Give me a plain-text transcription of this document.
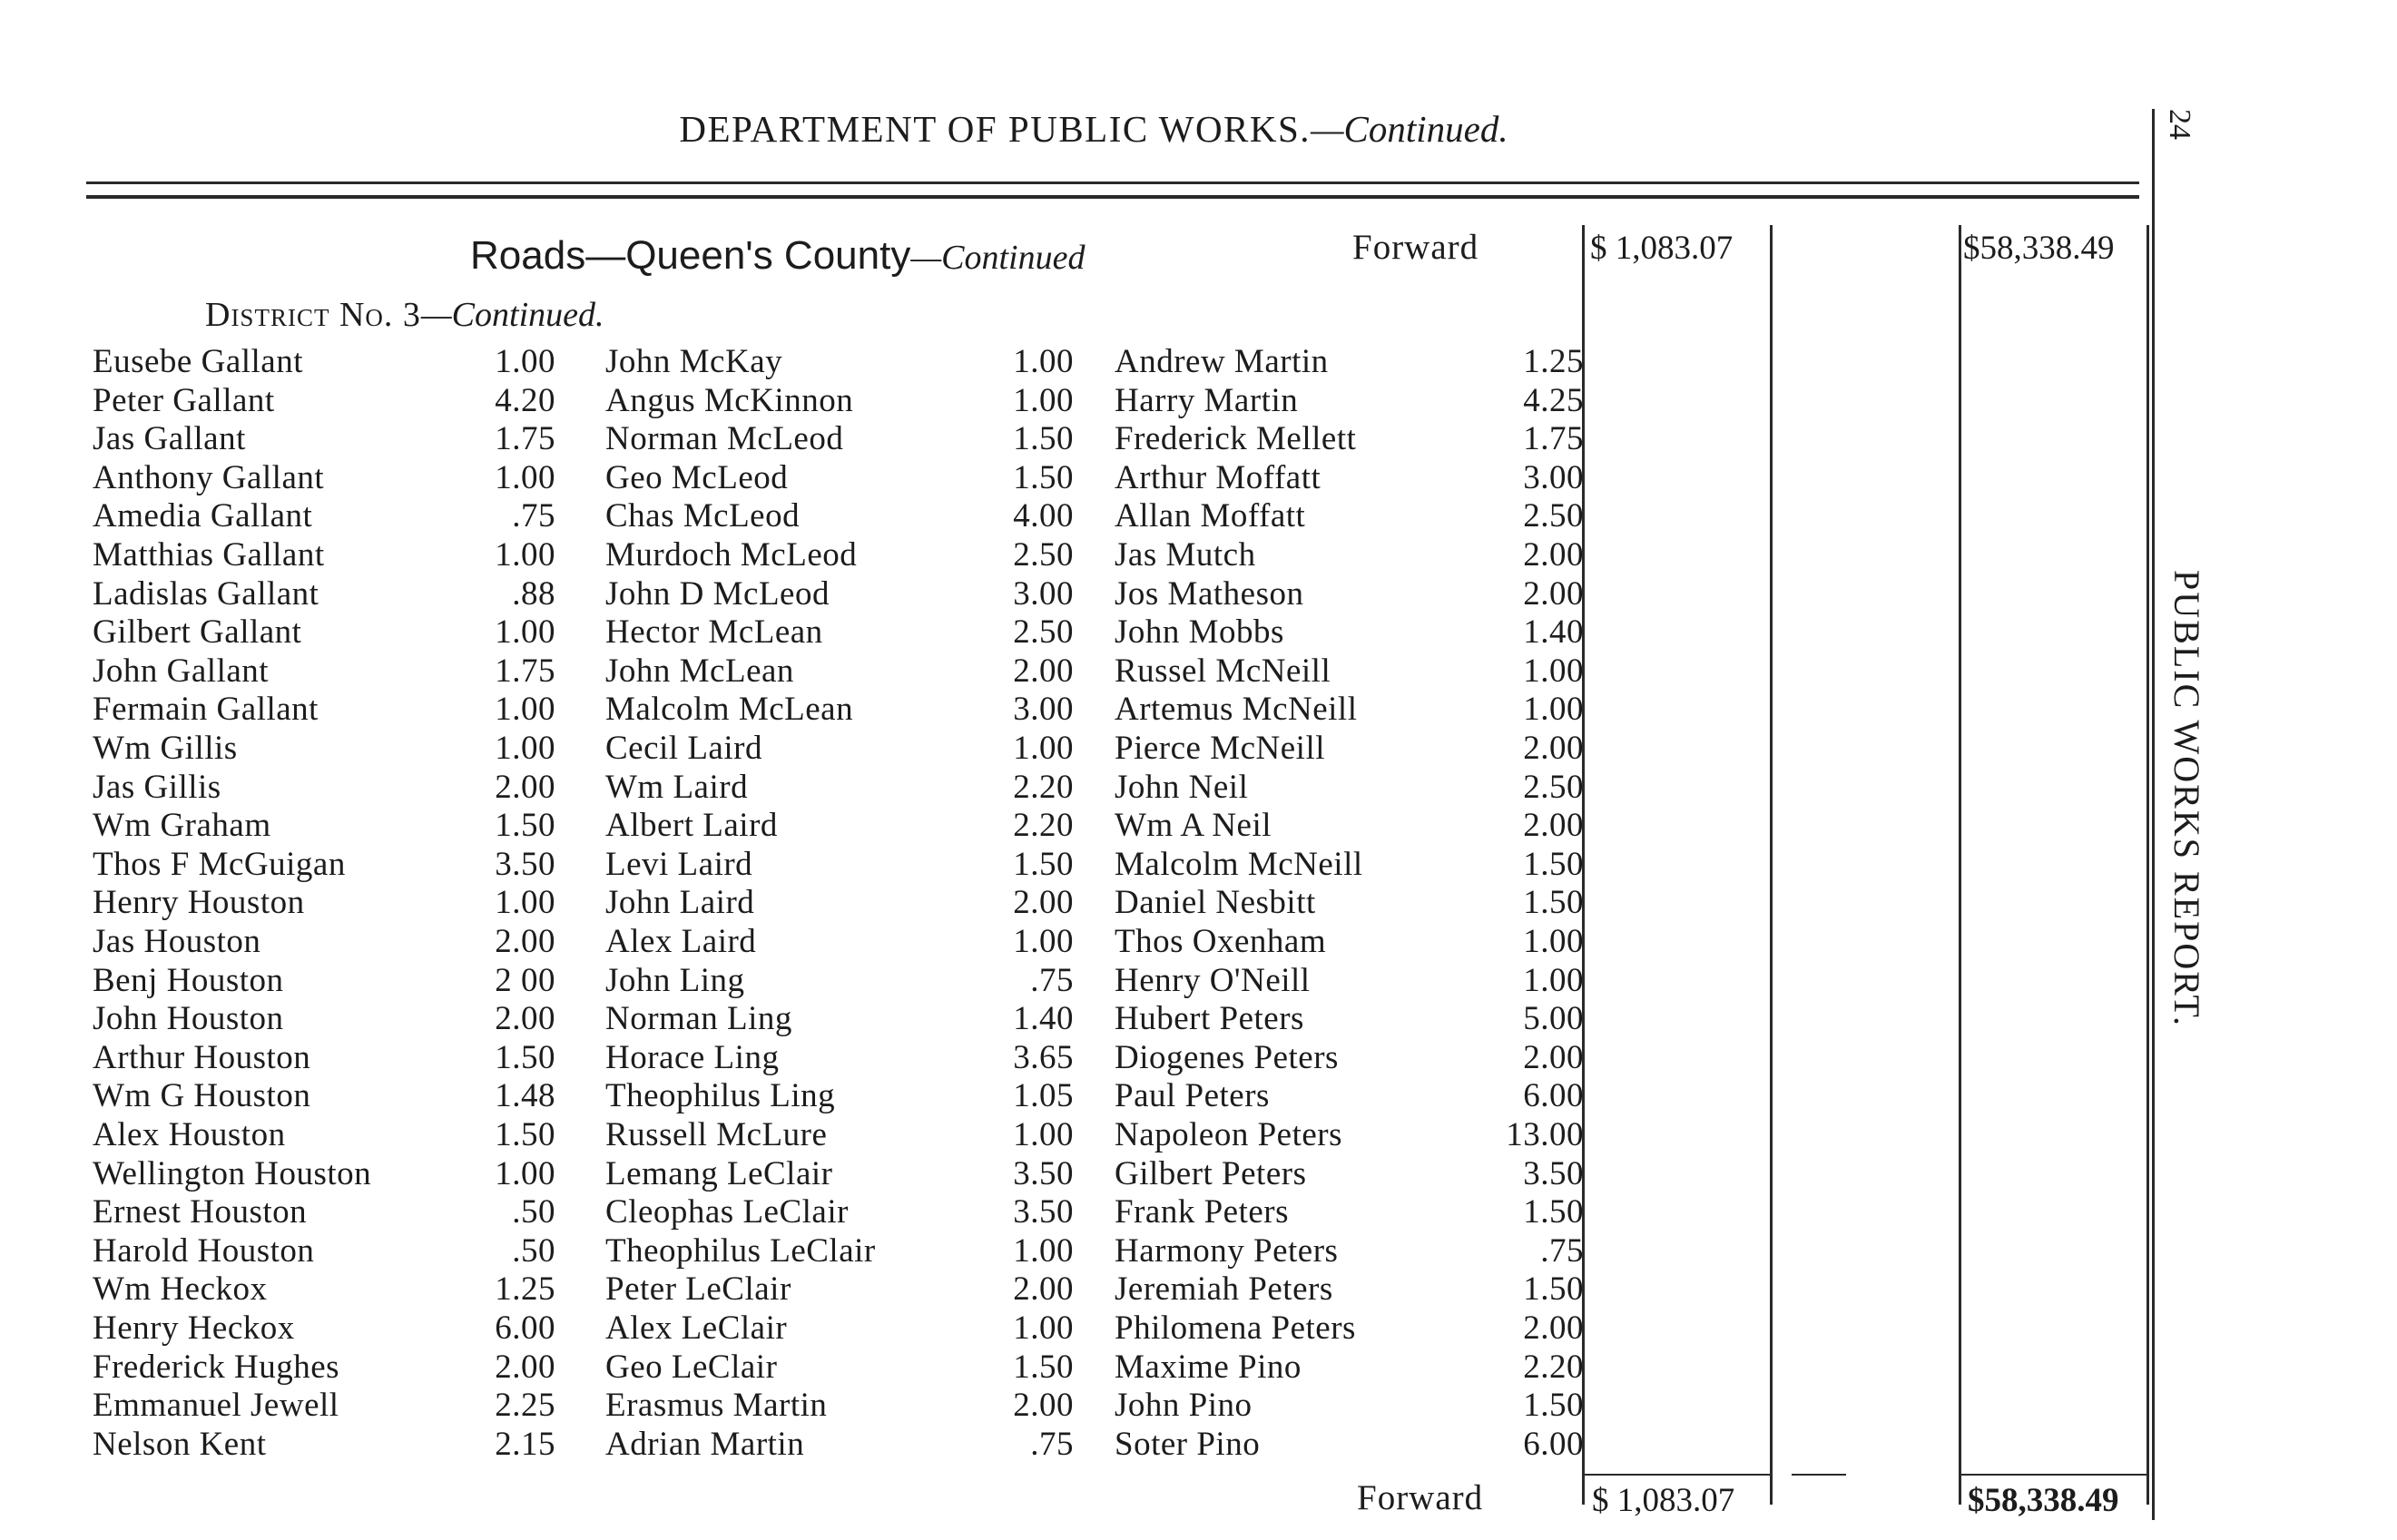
DEPARTMENT OF PUBLIC WORKS.—Continued.	24
PUBLIC WORKS REPORT.
Roads—Queen's County—Continued	Forward	$ 1,083.07	$58,338.49
District No. 3—Continued.
Eusebe Gallant	1.00
Peter Gallant	4.20
Jas Gallant	1.75
Anthony Gallant	1.00
Amedia Gallant	.75
Matthias Gallant	1.00
Ladislas Gallant	.88
Gilbert Gallant	1.00
John Gallant	1.75
Fermain Gallant	1.00
Wm Gillis	1.00
Jas Gillis	2.00
Wm Graham	1.50
Thos F McGuigan	3.50
Henry Houston	1.00
Jas Houston	2.00
Benj Houston	2 00
John Houston	2.00
Arthur Houston	1.50
Wm G Houston	1.48
Alex Houston	1.50
Wellington Houston	1.00
Ernest Houston	.50
Harold Houston	.50
Wm Heckox	1.25
Henry Heckox	6.00
Frederick Hughes	2.00
Emmanuel Jewell	2.25
Nelson Kent	2.15
John McKay	1.00
Angus McKinnon	1.00
Norman McLeod	1.50
Geo McLeod	1.50
Chas McLeod	4.00
Murdoch McLeod	2.50
John D McLeod	3.00
Hector McLean	2.50
John McLean	2.00
Malcolm McLean	3.00
Cecil Laird	1.00
Wm Laird	2.20
Albert Laird	2.20
Levi Laird	1.50
John Laird	2.00
Alex Laird	1.00
John Ling	.75
Norman Ling	1.40
Horace Ling	3.65
Theophilus Ling	1.05
Russell McLure	1.00
Lemang LeClair	3.50
Cleophas LeClair	3.50
Theophilus LeClair	1.00
Peter LeClair	2.00
Alex LeClair	1.00
Geo LeClair	1.50
Erasmus Martin	2.00
Adrian Martin	.75
Andrew Martin	1.25
Harry Martin	4.25
Frederick Mellett	1.75
Arthur Moffatt	3.00
Allan Moffatt	2.50
Jas Mutch	2.00
Jos Matheson	2.00
John Mobbs	1.40
Russel McNeill	1.00
Artemus McNeill	1.00
Pierce McNeill	2.00
John Neil	2.50
Wm A Neil	2.00
Malcolm McNeill	1.50
Daniel Nesbitt	1.50
Thos Oxenham	1.00
Henry O'Neill	1.00
Hubert Peters	5.00
Diogenes Peters	2.00
Paul Peters	6.00
Napoleon Peters	13.00
Gilbert Peters	3.50
Frank Peters	1.50
Harmony Peters	.75
Jeremiah Peters	1.50
Philomena Peters	2.00
Maxime Pino	2.20
John Pino	1.50
Soter Pino	6.00
Forward	$ 1,083.07	$58,338.49
